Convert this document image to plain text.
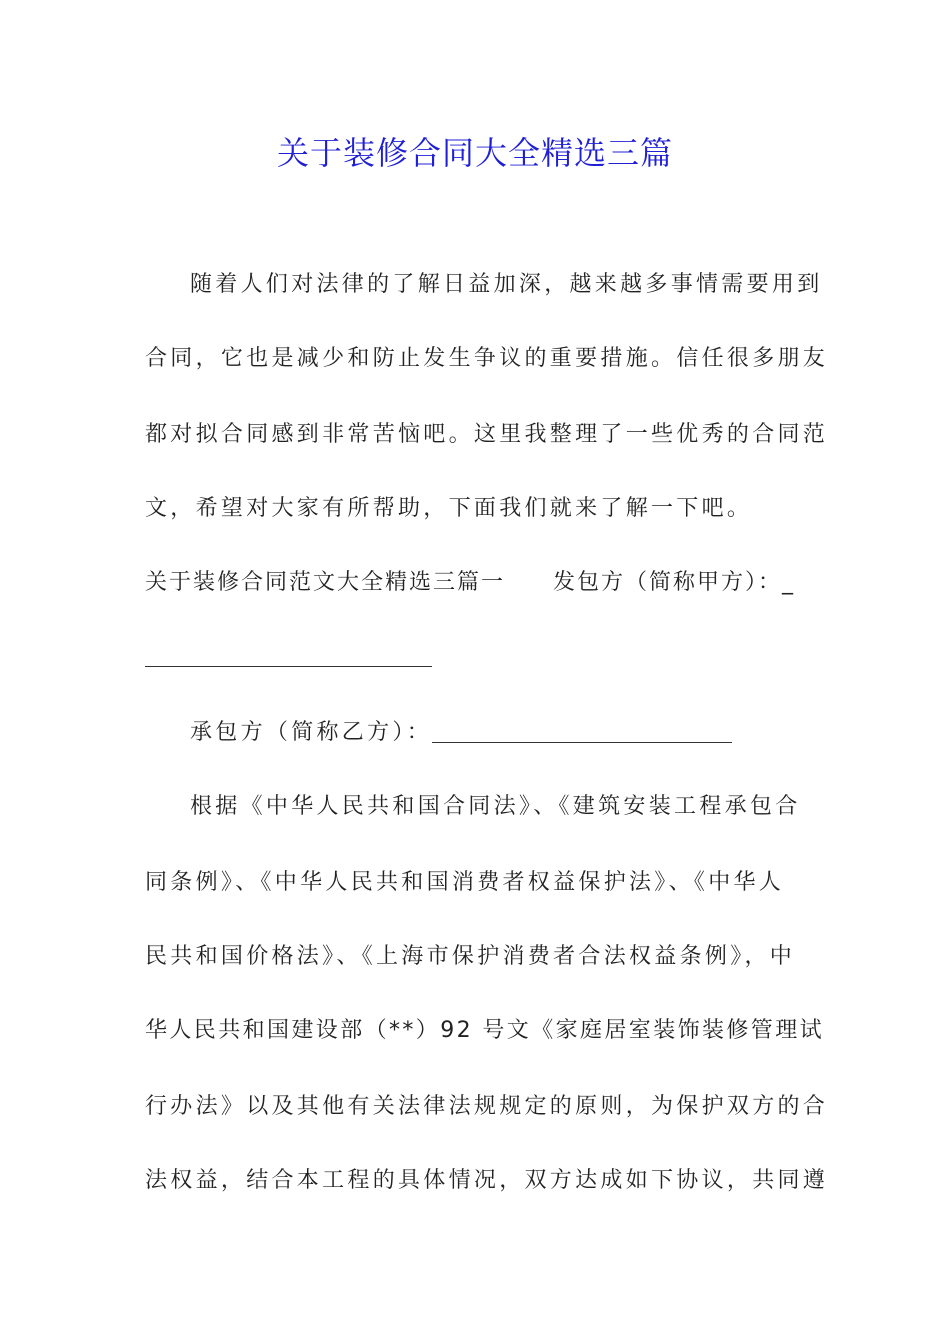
关于装修合同大全精选三篇
随着人们对法律的了解日益加深，越来越多事情需要用到
合同，它也是减少和防止发生争议的重要措施。信任很多朋友
都对拟合同感到非常苦恼吧。这里我整理了一些优秀的合同范
文，希望对大家有所帮助，下面我们就来了解一下吧。
关于装修合同范文大全精选三篇一 发包方（简称甲方）：_
承包方（简称乙方）：
根据《中华人民共和国合同法》、《建筑安装工程承包合
同条例》、《中华人民共和国消费者权益保护法》、《中华人
民共和国价格法》、《上海市保护消费者合法权益条例》，中
华人民共和国建设部（**）92 号文《家庭居室装饰装修管理试
行办法》以及其他有关法律法规规定的原则，为保护双方的合
法权益，结合本工程的具体情况，双方达成如下协议，共同遵
